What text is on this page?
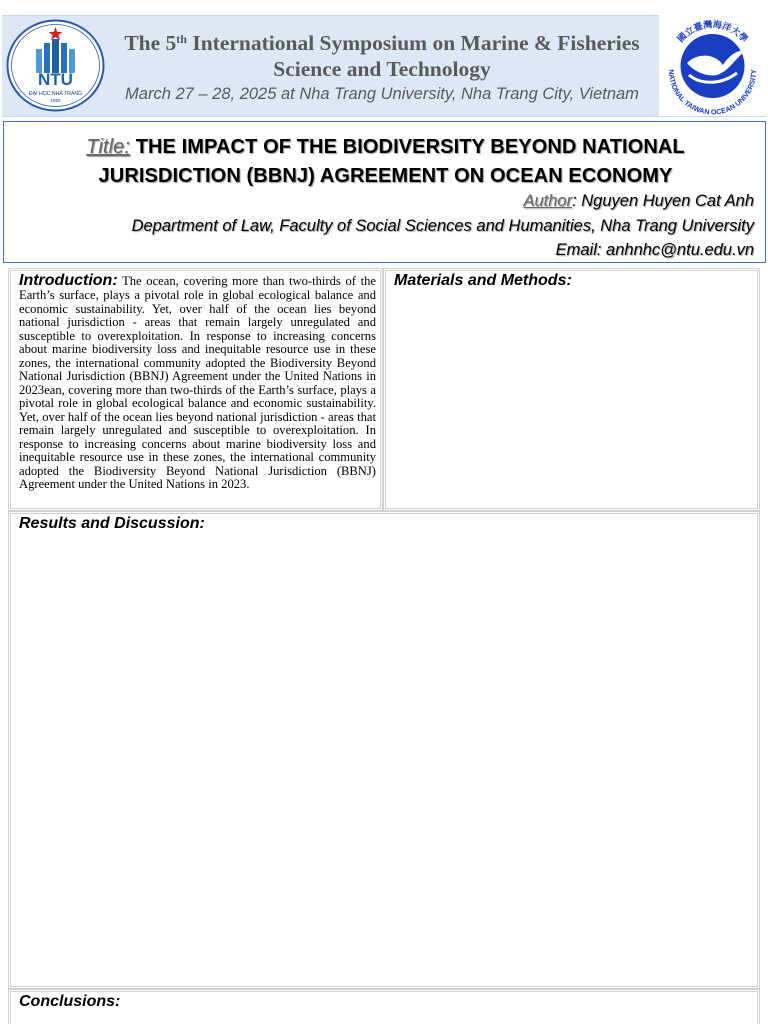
NTU
ĐẠI HỌC NHA TRANG
1959
The 5th International Symposium on Marine & Fisheries Science and Technology
March 27 – 28, 2025 at Nha Trang University, Nha Trang City, Vietnam
國立臺灣海洋大學
NATIONAL TAIWAN OCEAN UNIVERSITY
Title: THE IMPACT OF THE BIODIVERSITY BEYOND NATIONAL JURISDICTION (BBNJ) AGREEMENT ON OCEAN ECONOMY
Author: Nguyen Huyen Cat Anh
Department of Law, Faculty of Social Sciences and Humanities, Nha Trang University
Email: anhnhc@ntu.edu.vn

Introduction: The ocean, covering more than two-thirds of the Earth’s surface, plays a pivotal role in global ecological balance and economic sustainability. Yet, over half of the ocean lies beyond national jurisdiction - areas that remain largely unregulated and susceptible to overexploitation. In response to increasing concerns about marine biodiversity loss and inequitable resource use in these zones, the international community adopted the Biodiversity Beyond National Jurisdiction (BBNJ) Agreement under the United Nations in 2023ean, covering more than two-thirds of the Earth’s surface, plays a pivotal role in global ecological balance and economic sustainability. Yet, over half of the ocean lies beyond national jurisdiction - areas that remain largely unregulated and susceptible to overexploitation. In response to increasing concerns about marine biodiversity loss and inequitable resource use in these zones, the international community adopted the Biodiversity Beyond National Jurisdiction (BBNJ) Agreement under the United Nations in 2023.

Materials and Methods:
Results and Discussion:
Conclusions:
